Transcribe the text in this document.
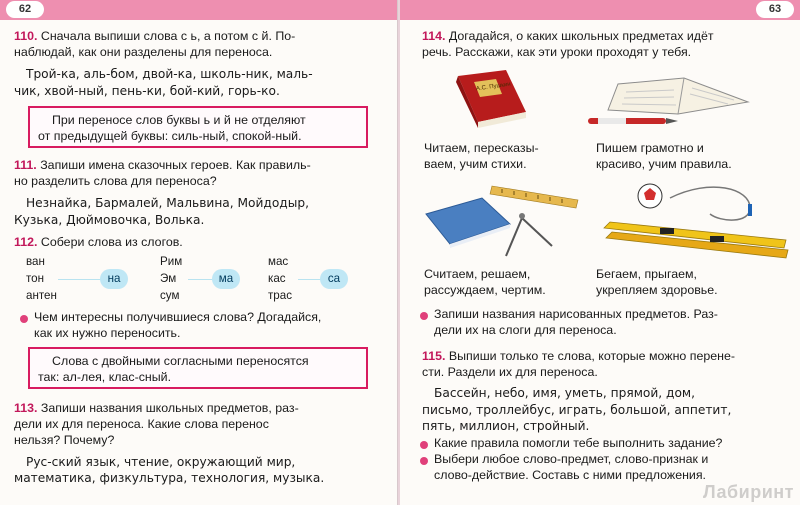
62
110. Сначала выпиши слова с ь, а потом с й. По-
наблюдай, как они разделены для переноса.
Трой-ка, аль-бом, двой-ка, школь-ник, маль-
чик, хвой-ный, пень-ки, бой-кий, горь-ко.
При переносе слов буквы ь и й не отделяют
от предыдущей буквы: силь-ный, спокой-ный.
111. Запиши имена сказочных героев. Как правиль-
но разделить слова для переноса?
Незнайка, Бармалей, Мальвина, Мойдодыр,
Кузька, Дюймовочка, Волька.
112. Собери слова из слогов.
ван
тон
антен
на
Рим
Эм
сум
ма
мас
кас
трас
са
Чем интересны получившиеся слова? Догадайся,
как их нужно переносить.
Слова с двойными согласными переносятся
так: ал-лея, клас-сный.
113. Запиши названия школьных предметов, раз-
дели их для переноса. Какие слова перенос
нельзя? Почему?
Рус-ский язык, чтение, окружающий мир,
математика, физкультура, технология, музыка.
63
114. Догадайся, о каких школьных предметах идёт
речь. Расскажи, как эти уроки проходят у тебя.
А.С. Пушкин
Читаем, пересказы-
ваем, учим стихи.
Пишем грамотно и
красиво, учим правила.
Считаем, решаем,
рассуждаем, чертим.
Бегаем, прыгаем,
укрепляем здоровье.
Запиши названия нарисованных предметов. Раз-
дели их на слоги для переноса.
115. Выпиши только те слова, которые можно перене-
сти. Раздели их для переноса.
Бассейн, небо, имя, уметь, прямой, дом,
письмо, троллейбус, играть, большой, аппетит,
пять, миллион, стройный.
Какие правила помогли тебе выполнить задание?
Выбери любое слово-предмет, слово-признак и
слово-действие. Составь с ними предложения.
Лабиринт
